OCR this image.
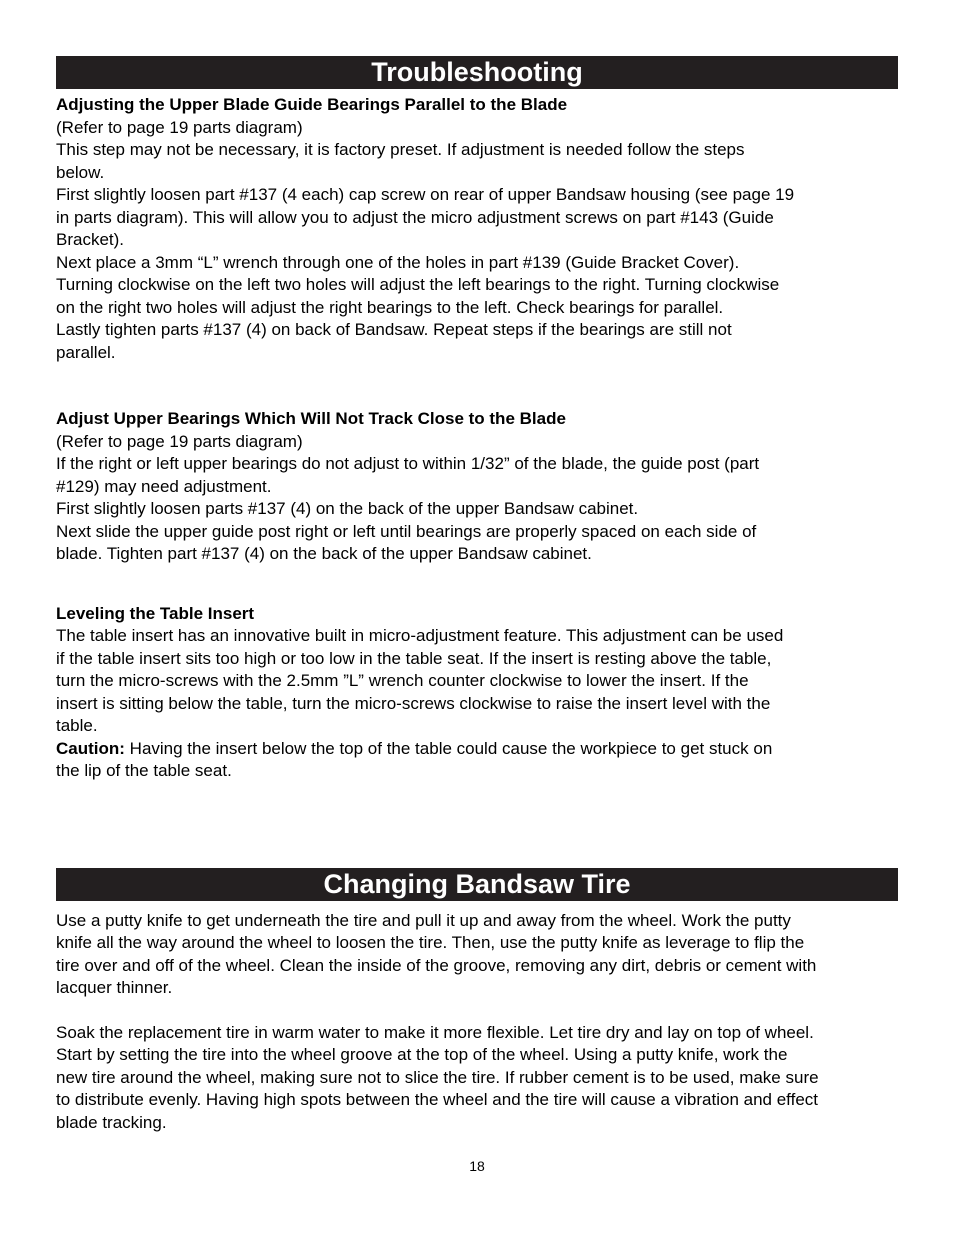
Troubleshooting

Adjusting the Upper Blade Guide Bearings Parallel to the Blade

(Refer to page 19 parts diagram)
This step may not be necessary, it is factory preset. If adjustment is needed follow the steps
below.
First slightly loosen part #137 (4 each) cap screw on rear of upper Bandsaw housing (see page 19
in parts diagram). This will allow you to adjust the micro adjustment screws on part #143 (Guide
Bracket).
Next place a 3mm “L” wrench through one of the holes in part #139 (Guide Bracket Cover).
Turning clockwise on the left two holes will adjust the left bearings to the right. Turning clockwise
on the right two holes will adjust the right bearings to the left. Check bearings for parallel.
Lastly tighten parts #137 (4) on back of Bandsaw. Repeat steps if the bearings are still not
parallel.

Adjust Upper Bearings Which Will Not Track Close to the Blade

(Refer to page 19 parts diagram)
If the right or left upper bearings do not adjust to within 1/32” of the blade, the guide post (part
#129) may need adjustment.
First slightly loosen parts #137 (4) on the back of the upper Bandsaw cabinet.
Next slide the upper guide post right or left until bearings are properly spaced on each side of
blade. Tighten part #137 (4) on the back of the upper Bandsaw cabinet.

Leveling the Table Insert

The table insert has an innovative built in micro-adjustment feature. This adjustment can be used
if the table insert sits too high or too low in the table seat. If the insert is resting above the table,
turn the micro-screws with the 2.5mm ”L” wrench counter clockwise to lower the insert. If the
insert is sitting below the table, turn the micro-screws clockwise to raise the insert level with the
table.
Caution: Having the insert below the top of the table could cause the workpiece to get stuck on
the lip of the table seat.

Changing Bandsaw Tire

Use a putty knife to get underneath the tire and pull it up and away from the wheel. Work the putty
knife all the way around the wheel to loosen the tire. Then, use the putty knife as leverage to flip the
tire over and off of the wheel. Clean the inside of the groove, removing any dirt, debris or cement with
lacquer thinner.

Soak the replacement tire in warm water to make it more flexible. Let tire dry and lay on top of wheel.
Start by setting the tire into the wheel groove at the top of the wheel. Using a putty knife, work the
new tire around the wheel, making sure not to slice the tire. If rubber cement is to be used, make sure
to distribute evenly. Having high spots between the wheel and the tire will cause a vibration and effect
blade tracking.

18
